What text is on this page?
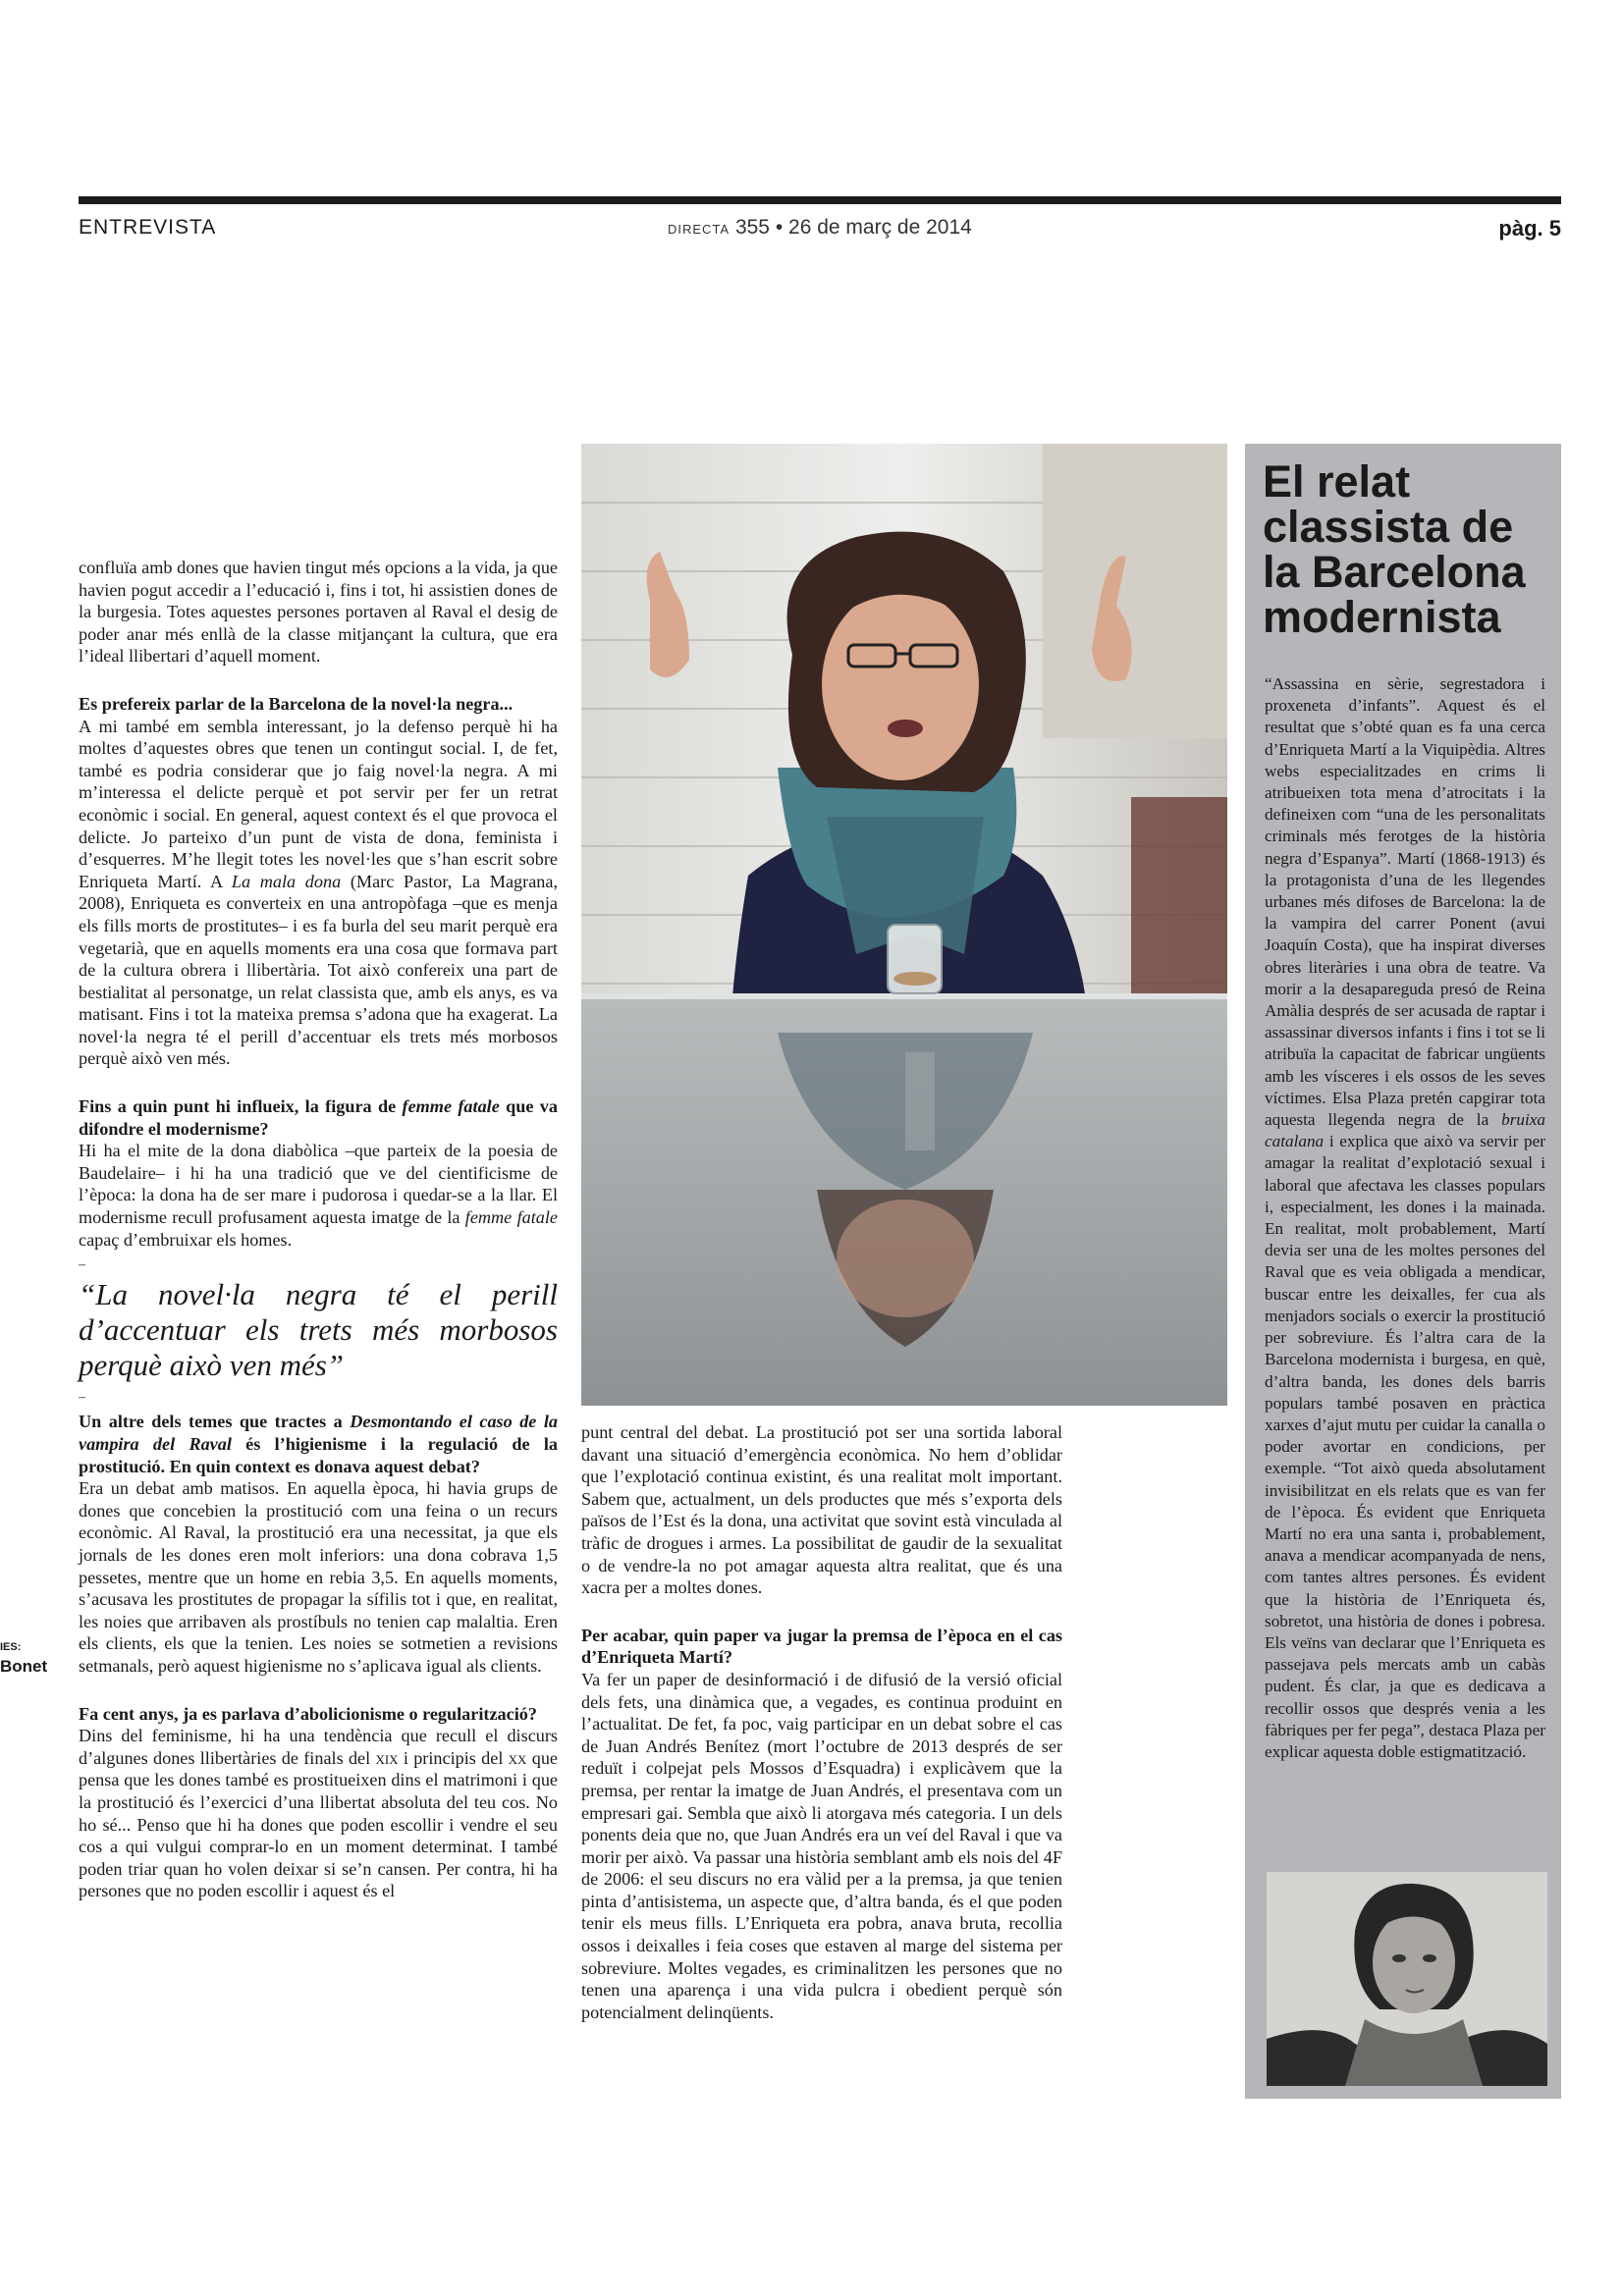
ENTREVISTA	DIRECTA 355 • 26 de març de 2014	pàg. 5
IES:
Bonet

confluïa amb dones que havien tingut més opcions a la vida, ja que havien pogut accedir a l’educació i, fins i tot, hi assistien dones de la burgesia. Totes aquestes persones portaven al Raval el desig de poder anar més enllà de la classe mitjançant la cultura, que era l’ideal llibertari d’aquell moment.

Es prefereix parlar de la Barcelona de la novel·la negra...

A mi també em sembla interessant, jo la defenso perquè hi ha moltes d’aquestes obres que tenen un contingut social. I, de fet, també es podria considerar que jo faig novel·la negra. A mi m’interessa el delicte perquè et pot servir per fer un retrat econòmic i social. En general, aquest context és el que provoca el delicte. Jo parteixo d’un punt de vista de dona, feminista i d’esquerres. M’he llegit totes les novel·les que s’han escrit sobre Enriqueta Martí. A La mala dona (Marc Pastor, La Magrana, 2008), Enriqueta es converteix en una antropòfaga –que es menja els fills morts de prostitutes– i es fa burla del seu marit perquè era vegetarià, que en aquells moments era una cosa que formava part de la cultura obrera i llibertària. Tot això confereix una part de bestialitat al personatge, un relat classista que, amb els anys, es va matisant. Fins i tot la mateixa premsa s’adona que ha exagerat. La novel·la negra té el perill d’accentuar els trets més morbosos perquè això ven més.

Fins a quin punt hi influeix, la figura de femme fatale que va difondre el modernisme?

Hi ha el mite de la dona diabòlica –que parteix de la poesia de Baudelaire– i hi ha una tradició que ve del cientificisme de l’època: la dona ha de ser mare i pudorosa i quedar-se a la llar. El modernisme recull profusament aquesta imatge de la femme fatale capaç d’embruixar els homes.

–

“La novel·la negra té el perill d’accentuar els trets més morbosos perquè això ven més”

–

Un altre dels temes que tractes a Desmontando el caso de la vampira del Raval és l’higienisme i la regulació de la prostitució. En quin context es donava aquest debat?

Era un debat amb matisos. En aquella època, hi havia grups de dones que concebien la prostitució com una feina o un recurs econòmic. Al Raval, la prostitució era una necessitat, ja que els jornals de les dones eren molt inferiors: una dona cobrava 1,5 pessetes, mentre que un home en rebia 3,5. En aquells moments, s’acusava les prostitutes de propagar la sífilis tot i que, en realitat, les noies que arribaven als prostíbuls no tenien cap malaltia. Eren els clients, els que la tenien. Les noies se sotmetien a revisions setmanals, però aquest higienisme no s’aplicava igual als clients.

Fa cent anys, ja es parlava d’abolicionisme o regularització?

Dins del feminisme, hi ha una tendència que recull el discurs d’algunes dones llibertàries de finals del xix i principis del xx que pensa que les dones també es prostitueixen dins el matrimoni i que la prostitució és l’exercici d’una llibertat absoluta del teu cos. No ho sé... Penso que hi ha dones que poden escollir i vendre el seu cos a qui vulgui comprar-lo en un moment determinat. I també poden triar quan ho volen deixar si se’n cansen. Per contra, hi ha persones que no poden escollir i aquest és el

punt central del debat. La prostitució pot ser una sortida laboral davant una situació d’emergència econòmica. No hem d’oblidar que l’explotació continua existint, és una realitat molt important. Sabem que, actualment, un dels productes que més s’exporta dels països de l’Est és la dona, una activitat que sovint està vinculada al tràfic de drogues i armes. La possibilitat de gaudir de la sexualitat o de vendre-la no pot amagar aquesta altra realitat, que és una xacra per a moltes dones.

Per acabar, quin paper va jugar la premsa de l’època en el cas d’Enriqueta Martí?

Va fer un paper de desinformació i de difusió de la versió oficial dels fets, una dinàmica que, a vegades, es continua produint en l’actualitat. De fet, fa poc, vaig participar en un debat sobre el cas de Juan Andrés Benítez (mort l’octubre de 2013 després de ser reduït i colpejat pels Mossos d’Esquadra) i explicàvem que la premsa, per rentar la imatge de Juan Andrés, el presentava com un empresari gai. Sembla que això li atorgava més categoria. I un dels ponents deia que no, que Juan Andrés era un veí del Raval i que va morir per això. Va passar una història semblant amb els nois del 4F de 2006: el seu discurs no era vàlid per a la premsa, ja que tenien pinta d’antisistema, un aspecte que, d’altra banda, és el que poden tenir els meus fills. L’Enriqueta era pobra, anava bruta, recollia ossos i deixalles i feia coses que estaven al marge del sistema per sobreviure. Moltes vegades, es criminalitzen les persones que no tenen una aparença i una vida pulcra i obedient perquè són potencialment delinqüents.

El relat classista de la Barcelona modernista

“Assassina en sèrie, segrestadora i proxeneta d’infants”. Aquest és el resultat que s’obté quan es fa una cerca d’Enriqueta Martí a la Viquipèdia. Altres webs especialitzades en crims li atribueixen tota mena d’atrocitats i la defineixen com “una de les personalitats criminals més ferotges de la història negra d’Espanya”. Martí (1868-1913) és la protagonista d’una de les llegendes urbanes més difoses de Barcelona: la de la vampira del carrer Ponent (avui Joaquín Costa), que ha inspirat diverses obres literàries i una obra de teatre. Va morir a la desapareguda presó de Reina Amàlia després de ser acusada de raptar i assassinar diversos infants i fins i tot se li atribuïa la capacitat de fabricar ungüents amb les vísceres i els ossos de les seves víctimes. Elsa Plaza pretén capgirar tota aquesta llegenda negra de la bruixa catalana i explica que això va servir per amagar la realitat d’explotació sexual i laboral que afectava les classes populars i, especialment, les dones i la mainada. En realitat, molt probablement, Martí devia ser una de les moltes persones del Raval que es veia obligada a mendicar, buscar entre les deixalles, fer cua als menjadors socials o exercir la prostitució per sobreviure. És l’altra cara de la Barcelona modernista i burgesa, en què, d’altra banda, les dones dels barris populars també posaven en pràctica xarxes d’ajut mutu per cuidar la canalla o poder avortar en condicions, per exemple. “Tot això queda absolutament invisibilitzat en els relats que es van fer de l’època. És evident que Enriqueta Martí no era una santa i, probablement, anava a mendicar acompanyada de nens, com tantes altres persones. És evident que la història de l’Enriqueta és, sobretot, una història de dones i pobresa. Els veïns van declarar que l’Enriqueta es passejava pels mercats amb un cabàs pudent. És clar, ja que es dedicava a recollir ossos que després venia a les fàbriques per fer pega”, destaca Plaza per explicar aquesta doble estigmatització.
